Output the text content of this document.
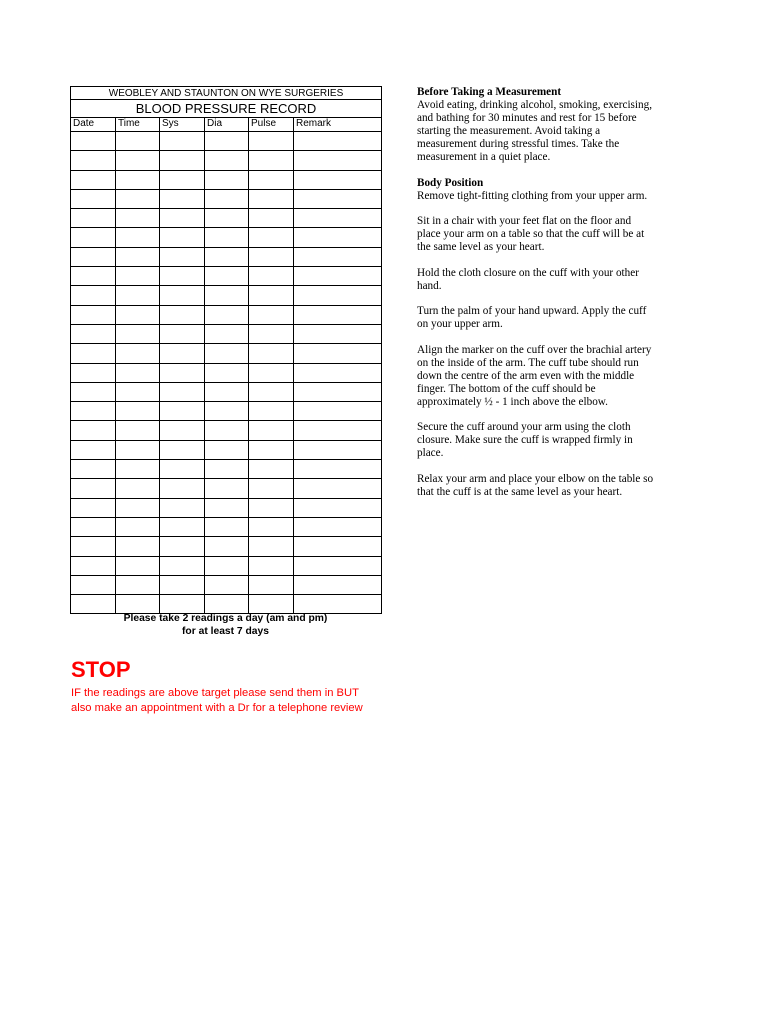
WEOBLEY AND STAUNTON ON WYE SURGERIES					
BLOOD PRESSURE RECORD					
Date	Time	Sys	Dia	Pulse	Remark

Before Taking a Measurement

Avoid eating, drinking alcohol, smoking, exercising, and bathing for 30 minutes and rest for 15 before starting the measurement. Avoid taking a measurement during stressful times. Take the measurement in a quiet place.

Body Position

Remove tight-fitting clothing from your upper arm.

Sit in a chair with your feet flat on the floor and place your arm on a table so that the cuff will be at the same level as your heart.

Hold the cloth closure on the cuff with your other hand.

Turn the palm of your hand upward. Apply the cuff on your upper arm.

Align the marker on the cuff over the brachial artery on the inside of the arm. The cuff tube should run down the centre of the arm even with the middle finger. The bottom of the cuff should be approximately ½ - 1 inch above the elbow.

Secure the cuff around your arm using the cloth closure. Make sure the cuff is wrapped firmly in place.

Relax your arm and place your elbow on the table so that the cuff is at the same level as your heart.

Please take 2 readings a day (am and pm)
for at least 7 days
STOP
IF the readings are above target please send them in BUT
also make an appointment with a Dr for a telephone review
